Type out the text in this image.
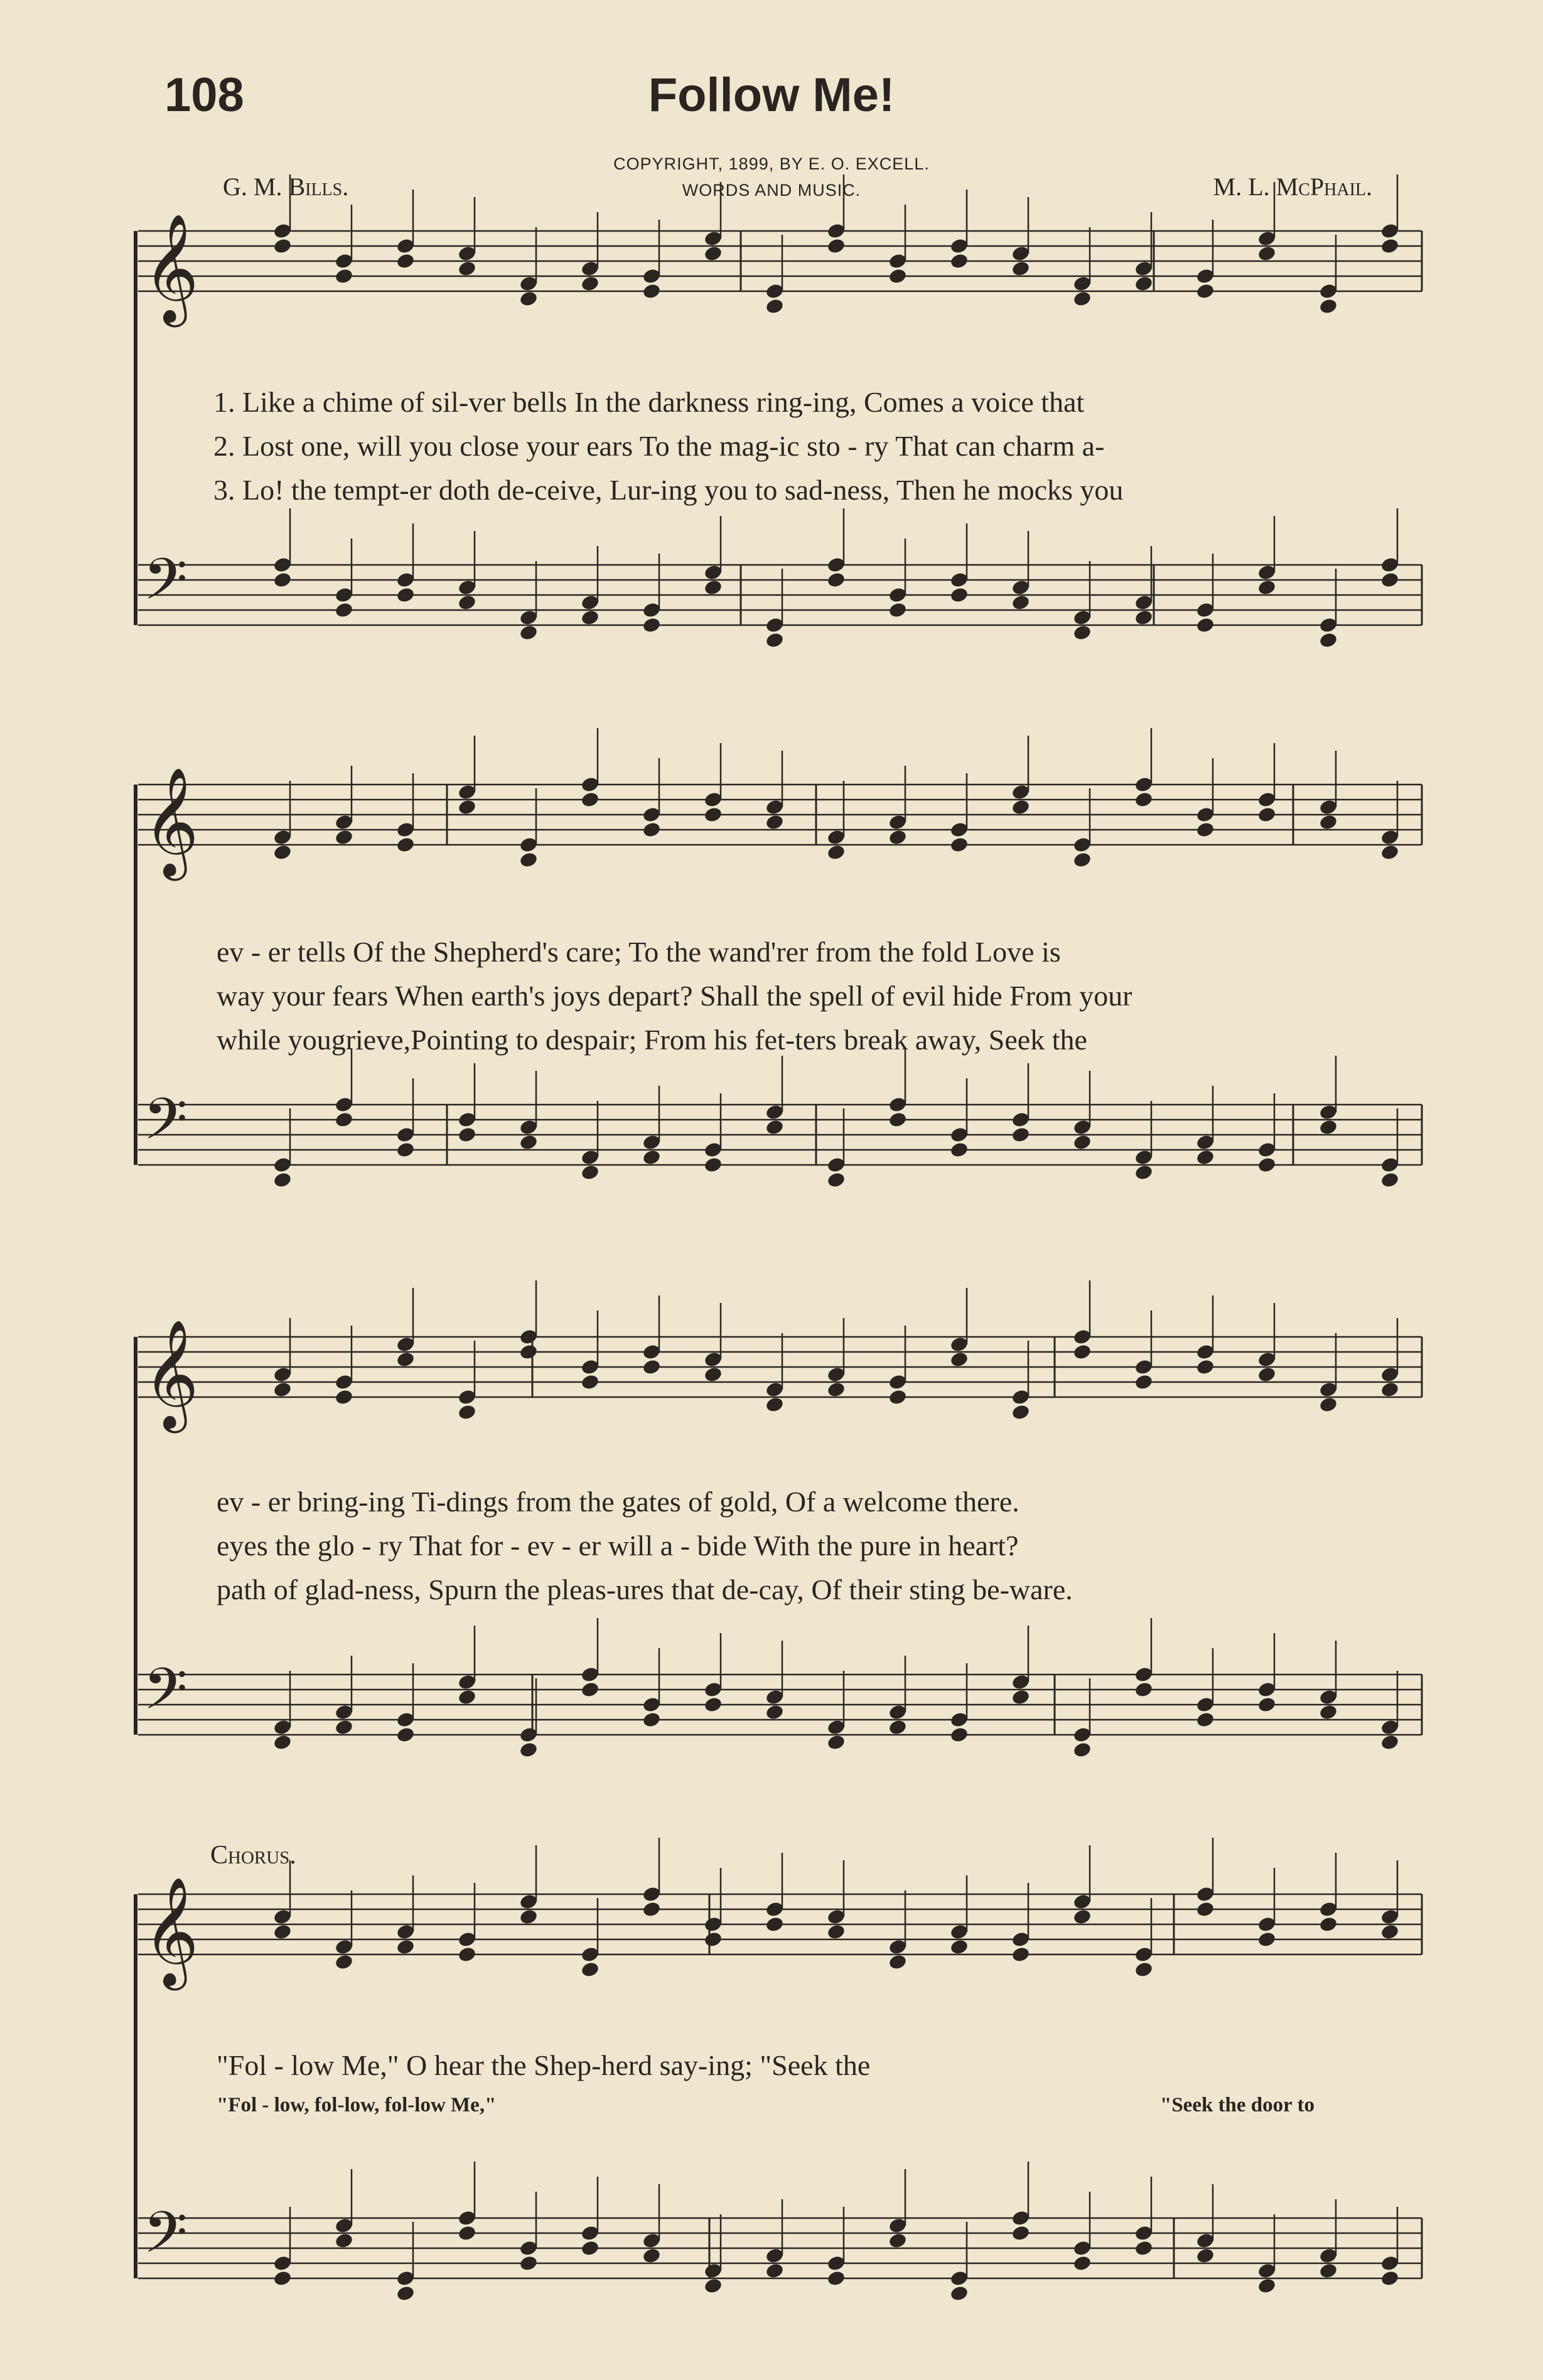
108	Follow Me!
COPYRIGHT, 1899, BY E. O. EXCELL.
WORDS AND MUSIC.
G. M. Bills.	M. L. McPhail.
𝄞
𝄢
𝄞
𝄢
𝄞
𝄢
𝄞
𝄢
1. Like a chime of sil-ver bells In the darkness ring-ing, Comes a voice that
2. Lost one, will you close your ears To the mag-ic sto - ry That can charm a-
3. Lo! the tempt-er doth de-ceive, Lur-ing you to sad-ness, Then he mocks you
ev - er tells Of the Shepherd's care; To the wand'rer from the fold Love is
way your fears When earth's joys depart? Shall the spell of evil hide From your
while yougrieve,Pointing to despair; From his fet-ters break away, Seek the
ev - er bring-ing Ti-dings from the gates of gold, Of a welcome there.
eyes the glo - ry That for - ev - er will a - bide With the pure in heart?
path of glad-ness, Spurn the pleas-ures that de-cay, Of their sting be-ware.
Chorus.
"Fol - low Me," O hear the Shep-herd say-ing; "Seek the
"Fol - low, fol-low, fol-low Me,"	"Seek the door to
